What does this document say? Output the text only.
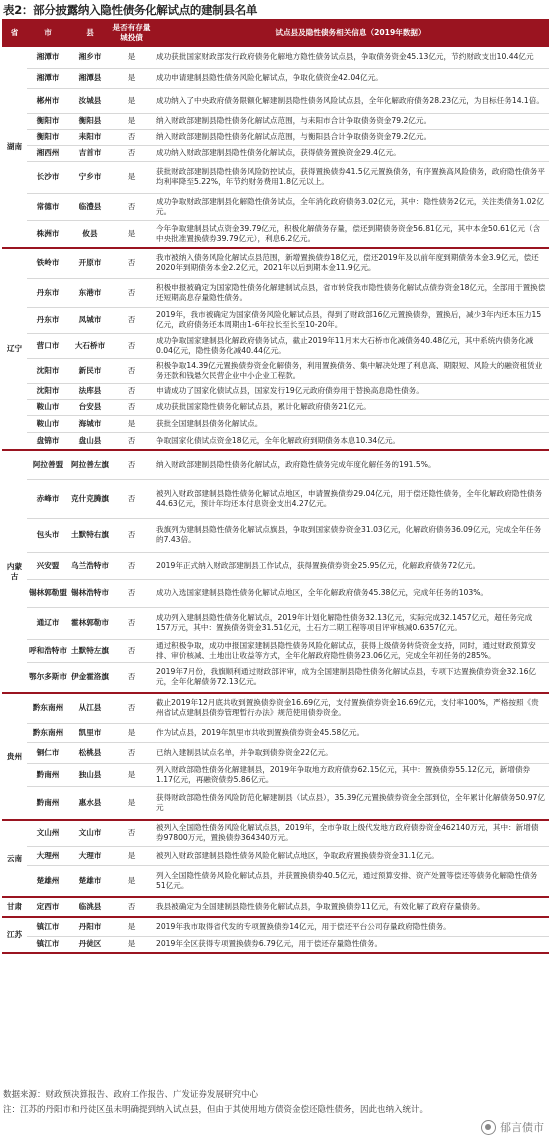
表2：部分披露纳入隐性债务化解试点的建制县名单
省	市	县	是否有存量城投债	试点县及隐性债务相关信息（2019年数据）
湖南	湘潭市	湘乡市	是	成功获批国家财政部发行政府债务化解地方隐性债务试点县，争取债务资金45.13亿元，节约财政支出10.44亿元
	湘潭市	湘潭县	是	成功申请建制县隐性债务风险化解试点，争取化债资金42.04亿元。
	郴州市	汝城县	是	成功纳入了中央政府债务限额化解建制县隐性债务风险试点县，全年化解政府债务28.23亿元，为目标任务14.1倍。
	衡阳市	衡阳县	是	纳入财政部建制县隐性债务化解试点范围，与耒阳市合计争取债务资金79.2亿元。
	衡阳市	耒阳市	否	纳入财政部建制县隐性债务化解试点范围，与衡阳县合计争取债务资金79.2亿元。
	湘西州	吉首市	否	成功纳入财政部建制县隐性债务化解试点，获得债务置换资金29.4亿元。
	长沙市	宁乡市	是	获批财政部建制县隐性债务风险防控试点，获得置换债券41.5亿元置换债务，有序置换高风险债务，政府隐性债务平均利率降至5.22%，年节约财务费用1.8亿元以上。
	常德市	临澧县	否	成功争取财政部建制县化解隐性债务试点，全年消化政府债务3.02亿元，其中：隐性债务2亿元，关注类债务1.02亿元。
	株洲市	攸县	是	今年争取建制县试点资金39.79亿元，积极化解债务存量，偿还到期债务资金56.81亿元，其中本金50.61亿元（含中央批准置换债券39.79亿元），利息6.2亿元。
辽宁	铁岭市	开原市	否	我市被纳入债务风险化解试点县范围，新增置换债券18亿元，偿还2019年及以前年度到期债务本金3.9亿元，偿还2020年到期债务本金2.2亿元，2021年以后到期本金11.9亿元。
	丹东市	东港市	否	积极申报被确定为国家隐性债务化解建制试点县，省市转贷我市隐性债务化解试点债券资金18亿元，全部用于置换偿还短期高息存量隐性债务。
	丹东市	凤城市	否	2019年，我市被确定为国家债务风险化解试点县，得到了财政部16亿元置换债券，置换后，减少3年内还本压力15亿元，政府债务还本周期由1-6年拉长至长至10-20年。
	营口市	大石桥市	否	成功争取国家建制县化解政府债务试点，截止2019年11月末大石桥市化减债务40.48亿元，其中系统内债务化减0.04亿元，隐性债务化减40.44亿元。
	沈阳市	新民市	否	积极争取14.39亿元置换债券资金化解债务，利用置换债务、集中解决处理了利息高、期限短、风险大的融资租赁业务还款和钱悬欠民营企业中小企业工程款。
	沈阳市	法库县	否	申请成功了国家化债试点县，国家发行19亿元政府债券用于替换高息隐性债务。
	鞍山市	台安县	否	成功获批国家隐性债务化解试点县，累计化解政府债务21亿元。
	鞍山市	海城市	是	获批全国建制县债务化解试点。
	盘锦市	盘山县	否	争取国家化债试点资金18亿元，全年化解政府到期债务本息10.34亿元。
内蒙古	阿拉善盟	阿拉善左旗	否	纳入财政部建制县隐性债务化解试点，政府隐性债务完成年度化解任务的191.5%。
	赤峰市	克什克腾旗	否	被列入财政部建制县隐性债务化解试点地区，申请置换债券29.04亿元，用于偿还隐性债务，全年化解政府隐性债务44.63亿元，预计年均还本付息资金支出4.27亿元。
	包头市	土默特右旗	否	我旗列为建制县隐性债务化解试点旗县，争取到国家债券资金31.03亿元，化解政府债务36.09亿元，完成全年任务的7.43倍。
	兴安盟	乌兰浩特市	否	2019年正式纳入财政部建制县工作试点，获得置换债券资金25.95亿元，化解政府债务72亿元。
	锡林郭勒盟	锡林浩特市	否	成功入选国家建制县隐性债务化解试点地区，全年化解政府债务45.38亿元，完成年任务的103%。
	通辽市	霍林郭勒市	否	成功列入建制县隐性债务化解试点，2019年计划化解隐性债务32.13亿元，实际完成32.1457亿元，超任务完成157万元，其中：置换债务资金31.51亿元，土石方二期工程等项目评审核减0.6357亿元。
	呼和浩特市	土默特左旗	否	通过积极争取，成功申报国家建制县隐性债务风险化解试点，获得上级债务转贷资金支持，同时，通过财政预算安排、审价核减、土地出让收益等方式，全年化解政府隐性债务23.06亿元，完成全年初任务的285%。
	鄂尔多斯市	伊金霍洛旗	否	2019年7月份，我旗顺利通过财政部评审，成为全国建制县隐性债务化解试点县，专项下达置换债券资金32.16亿元，全年化解债务72.13亿元。
贵州	黔东南州	从江县	否	截止2019年12月底共收到置换债券资金16.69亿元，支付置换债券资金16.69亿元，支付率100%，严格按照《贵州省试点建制县债券管理暂行办法》规范使用债券资金。
	黔东南州	凯里市	是	作为试点县，2019年凯里市共收到置换债券资金45.58亿元。
	铜仁市	松桃县	否	已纳入建制县试点名单，并争取到债券资金22亿元。
	黔南州	独山县	是	列入财政部隐性债务化解建制县，2019年争取地方政府债券62.15亿元，其中：置换债券55.12亿元，新增债券1.17亿元，再融资债券5.86亿元。
	黔南州	惠水县	是	获得财政部隐性债务风险防范化解建制县（试点县），35.39亿元置换债券资金全部到位，全年累计化解债务50.97亿元
云南	文山州	文山市	否	被列入全国隐性债务风险化解试点县，2019年，全市争取上级代发地方政府债券资金462140万元，其中：新增债券97800万元，置换债券364340万元。
	大理州	大理市	是	被列入财政部建制县隐性债务风险化解试点地区，争取政府置换债券资金31.1亿元。
	楚雄州	楚雄市	是	列入全国隐性债务风险化解试点县，并获置换债券40.5亿元，通过预算安排、资产处置等偿还等债务化解隐性债务51亿元。
甘肃	定西市	临洮县	否	我县被确定为全国建制县隐性债务化解试点县，争取置换债券11亿元，有效化解了政府存量债务。
江苏	镇江市	丹阳市	是	2019年我市取得省代发的专项置换债券14亿元，用于偿还平台公司存量政府隐性债务。
	镇江市	丹徒区	是	2019年全区获得专项置换债券6.79亿元，用于偿还存量隐性债务。
数据来源：财政预决算报告、政府工作报告、广发证券发展研究中心
注：江苏的丹阳市和丹徒区虽未明确提到纳入试点县，但由于其使用地方债资金偿还隐性债务，因此也纳入统计。
郁言债市
